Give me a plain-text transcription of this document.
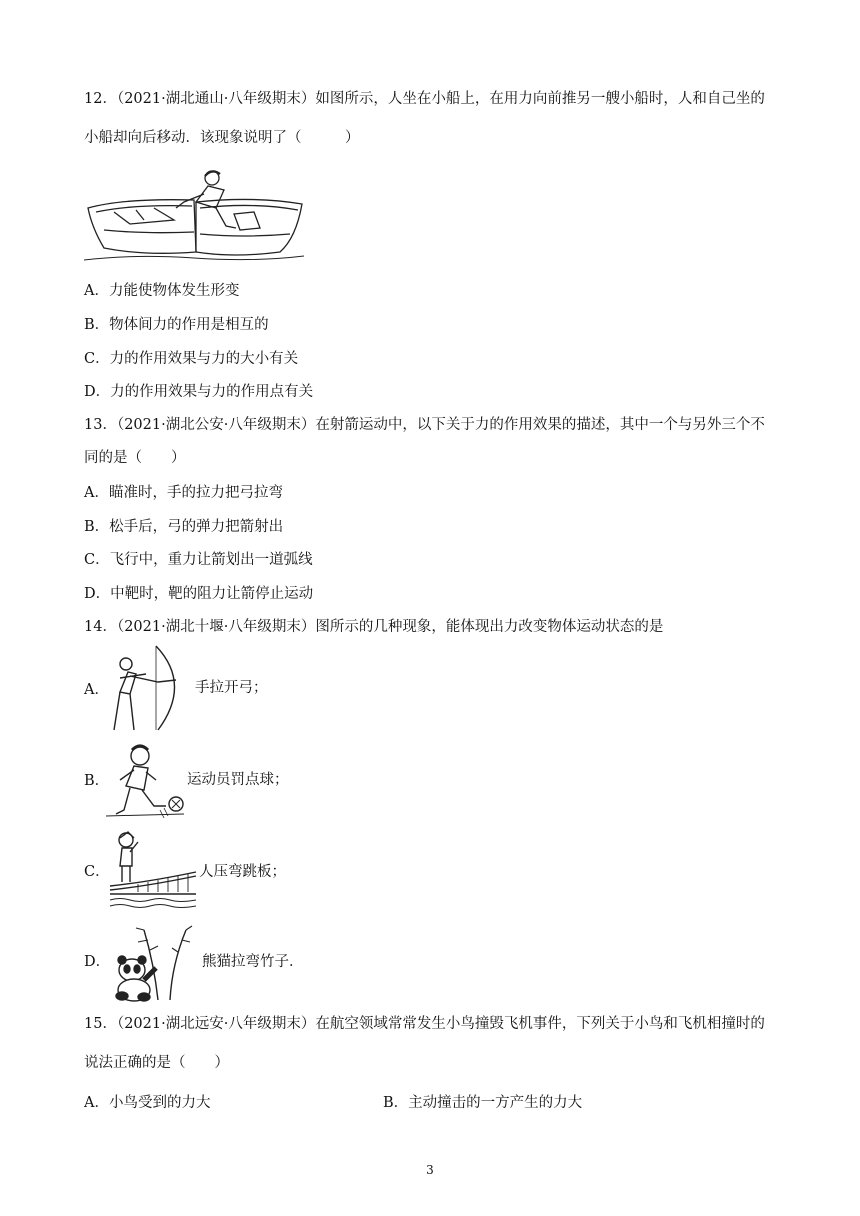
12．（2021·湖北通山·八年级期末）如图所示，人坐在小船上，在用力向前推另一艘小船时，人和自己坐的
小船却向后移动．该现象说明了（　　　）
A．力能使物体发生形变
B．物体间力的作用是相互的
C．力的作用效果与力的大小有关
D．力的作用效果与力的作用点有关
13．（2021·湖北公安·八年级期末）在射箭运动中，以下关于力的作用效果的描述，其中一个与另外三个不
同的是（　　）
A．瞄准时，手的拉力把弓拉弯
B．松手后，弓的弹力把箭射出
C．飞行中，重力让箭划出一道弧线
D．中靶时，靶的阻力让箭停止运动
14．（2021·湖北十堰·八年级期末）图所示的几种现象，能体现出力改变物体运动状态的是
A．	手拉开弓；
B．	运动员罚点球；
C．	人压弯跳板；
D．	熊猫拉弯竹子．
15．（2021·湖北远安·八年级期末）在航空领域常常发生小鸟撞毁飞机事件，下列关于小鸟和飞机相撞时的
说法正确的是（　　）
A．小鸟受到的力大	B．主动撞击的一方产生的力大
3
